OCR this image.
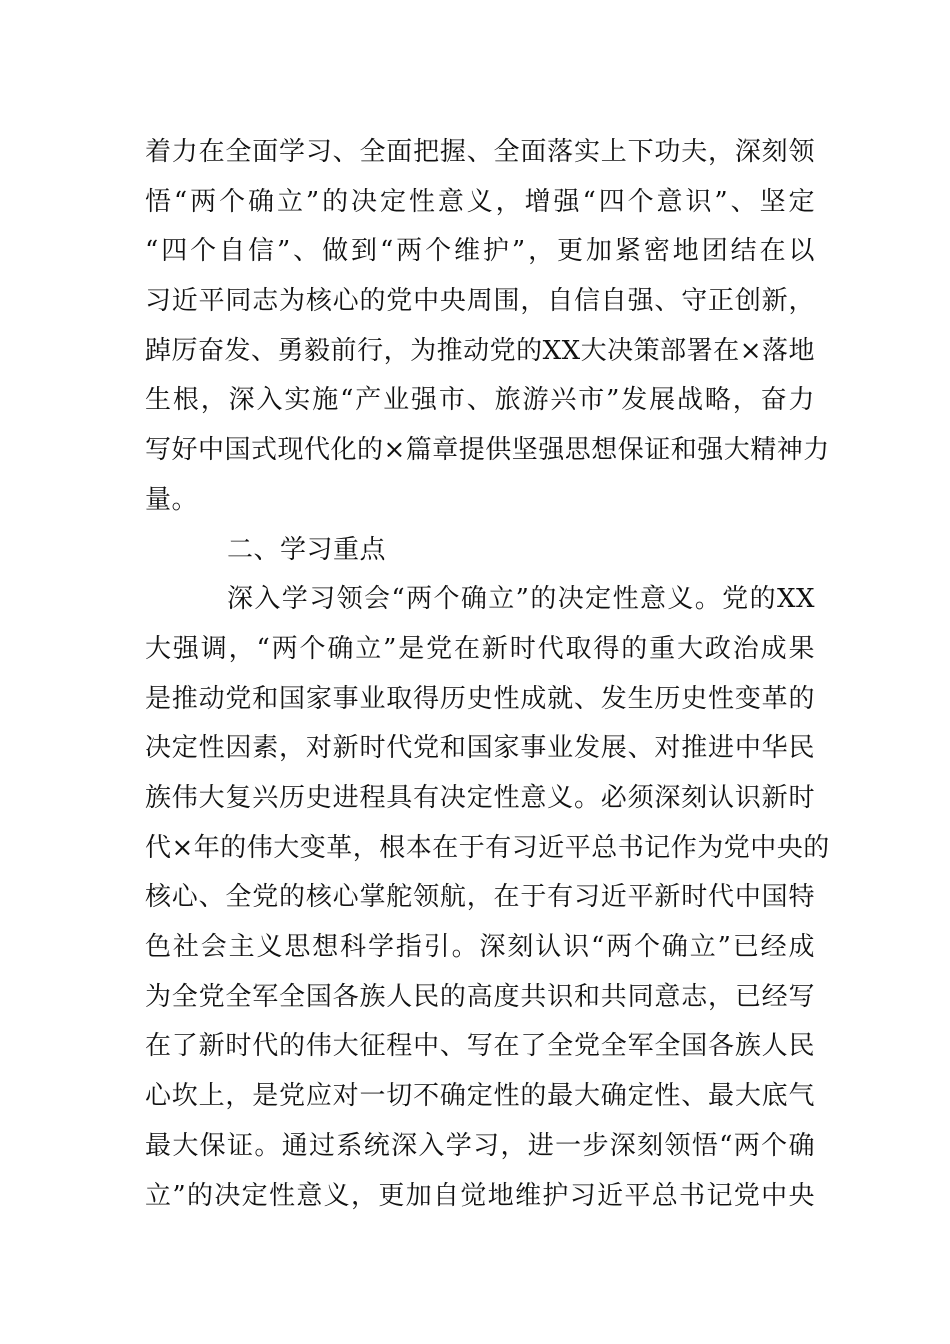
着力在全面学习、全面把握、全面落实上下功夫，深刻领
悟“两个确立”的决定性意义，增强“四个意识”、坚定
“四个自信”、做到“两个维护”，更加紧密地团结在以
习近平同志为核心的党中央周围，自信自强、守正创新，
踔厉奋发、勇毅前行，为推动党的XX大决策部署在×落地
生根，深入实施“产业强市、旅游兴市”发展战略，奋力
写好中国式现代化的×篇章提供坚强思想保证和强大精神力
量。
二、学习重点
深入学习领会“两个确立”的决定性意义。党的XX
大强调，“两个确立”是党在新时代取得的重大政治成果
是推动党和国家事业取得历史性成就、发生历史性变革的
决定性因素，对新时代党和国家事业发展、对推进中华民
族伟大复兴历史进程具有决定性意义。必须深刻认识新时
代×年的伟大变革，根本在于有习近平总书记作为党中央的
核心、全党的核心掌舵领航，在于有习近平新时代中国特
色社会主义思想科学指引。深刻认识“两个确立”已经成
为全党全军全国各族人民的高度共识和共同意志，已经写
在了新时代的伟大征程中、写在了全党全军全国各族人民
心坎上，是党应对一切不确定性的最大确定性、最大底气
最大保证。通过系统深入学习，进一步深刻领悟“两个确
立”的决定性意义，更加自觉地维护习近平总书记党中央
